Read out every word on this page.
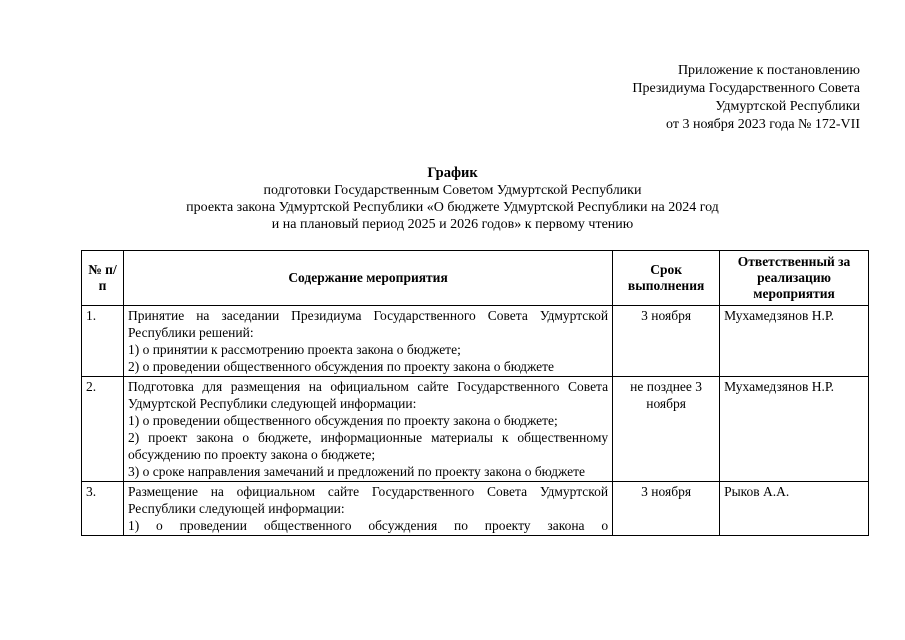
Приложение к постановлению
Президиума Государственного Совета
Удмуртской Республики
от 3 ноября 2023 года № 172-VII
График
подготовки Государственным Советом Удмуртской Республики
проекта закона Удмуртской Республики «О бюджете Удмуртской Республики на 2024 год
и на плановый период 2025 и 2026 годов» к первому чтению
№ п/п	Содержание мероприятия	Срок выполнения	Ответственный за реализацию мероприятия
1.	Принятие на заседании Президиума Государственного Совета Удмуртской Республики решений:
1) о принятии к рассмотрению проекта закона о бюджете;
2) о проведении общественного обсуждения по проекту закона о бюджете	3 ноября	Мухамедзянов Н.Р.
2.	Подготовка для размещения на официальном сайте Государственного Совета Удмуртской Республики следующей информации:
1) о проведении общественного обсуждения по проекту закона о бюджете;
2) проект закона о бюджете, информационные материалы к общественному обсуждению по проекту закона о бюджете;
3) о сроке направления замечаний и предложений по проекту закона о бюджете	не позднее 3 ноября	Мухамедзянов Н.Р.
3.	Размещение на официальном сайте Государственного Совета Удмуртской Республики следующей информации:
1) о проведении общественного обсуждения по проекту закона о	3 ноября	Рыков А.А.
